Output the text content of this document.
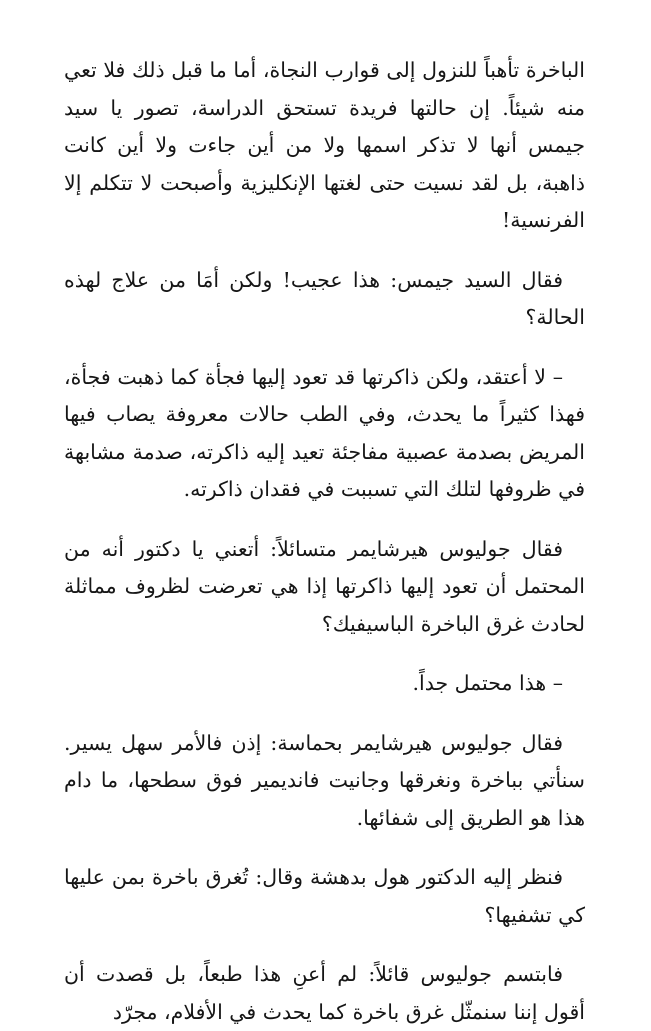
الباخرة تأهباً للنزول إلى قوارب النجاة، أما ما قبل ذلك فلا تعي منه شيئاً. إن حالتها فريدة تستحق الدراسة، تصور يا سيد جيمس أنها لا تذكر اسمها ولا من أين جاءت ولا أين كانت ذاهبة، بل لقد نسيت حتى لغتها الإنكليزية وأصبحت لا تتكلم إلا الفرنسية!

فقال السيد جيمس: هذا عجيب! ولكن أمَا من علاج لهذه الحالة؟

– لا أعتقد، ولكن ذاكرتها قد تعود إليها فجأة كما ذهبت فجأة، فهذا كثيراً ما يحدث، وفي الطب حالات معروفة يصاب فيها المريض بصدمة عصبية مفاجئة تعيد إليه ذاكرته، صدمة مشابهة في ظروفها لتلك التي تسببت في فقدان ذاكرته.

فقال جوليوس هيرشايمر متسائلاً: أتعني يا دكتور أنه من المحتمل أن تعود إليها ذاكرتها إذا هي تعرضت لظروف مماثلة لحادث غرق الباخرة الباسيفيك؟

– هذا محتمل جداً.

فقال جوليوس هيرشايمر بحماسة: إذن فالأمر سهل يسير. سنأتي بباخرة ونغرقها وجانيت فانديمير فوق سطحها، ما دام هذا هو الطريق إلى شفائها.

فنظر إليه الدكتور هول بدهشة وقال: تُغرق باخرة بمن عليها كي تشفيها؟

فابتسم جوليوس قائلاً: لم أعنِ هذا طبعاً، بل قصدت أن أقول إننا سنمثّل غرق باخرة كما يحدث في الأفلام، مجرّد
